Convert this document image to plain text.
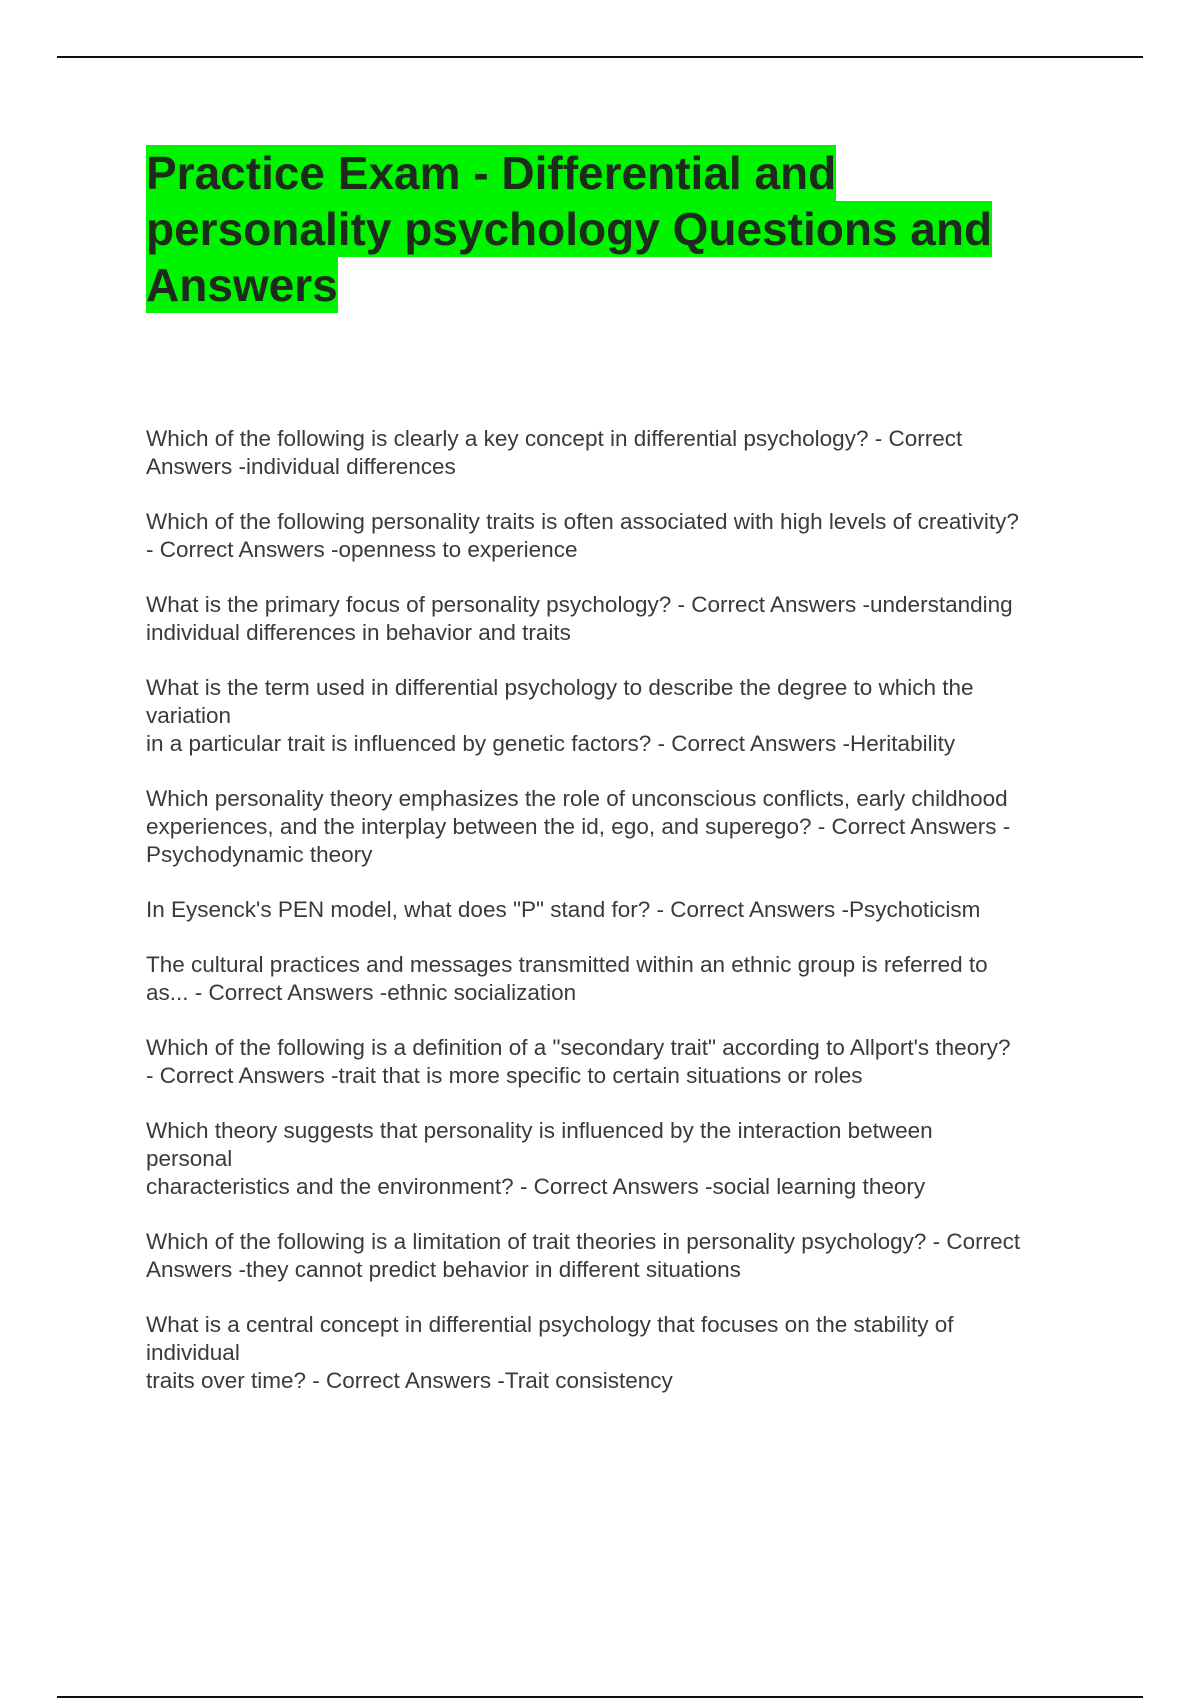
Practice Exam - Differential and
personality psychology Questions and
Answers
Which of the following is clearly a key concept in differential psychology? - Correct
Answers -individual differences
Which of the following personality traits is often associated with high levels of creativity?
- Correct Answers -openness to experience
What is the primary focus of personality psychology? - Correct Answers -understanding
individual differences in behavior and traits
What is the term used in differential psychology to describe the degree to which the
variation
in a particular trait is influenced by genetic factors? - Correct Answers -Heritability
Which personality theory emphasizes the role of unconscious conflicts, early childhood
experiences, and the interplay between the id, ego, and superego? - Correct Answers -
Psychodynamic theory
In Eysenck's PEN model, what does "P" stand for? - Correct Answers -Psychoticism
The cultural practices and messages transmitted within an ethnic group is referred to
as... - Correct Answers -ethnic socialization
Which of the following is a definition of a "secondary trait" according to Allport's theory?
- Correct Answers -trait that is more specific to certain situations or roles
Which theory suggests that personality is influenced by the interaction between
personal
characteristics and the environment? - Correct Answers -social learning theory
Which of the following is a limitation of trait theories in personality psychology? - Correct
Answers -they cannot predict behavior in different situations
What is a central concept in differential psychology that focuses on the stability of
individual
traits over time? - Correct Answers -Trait consistency
